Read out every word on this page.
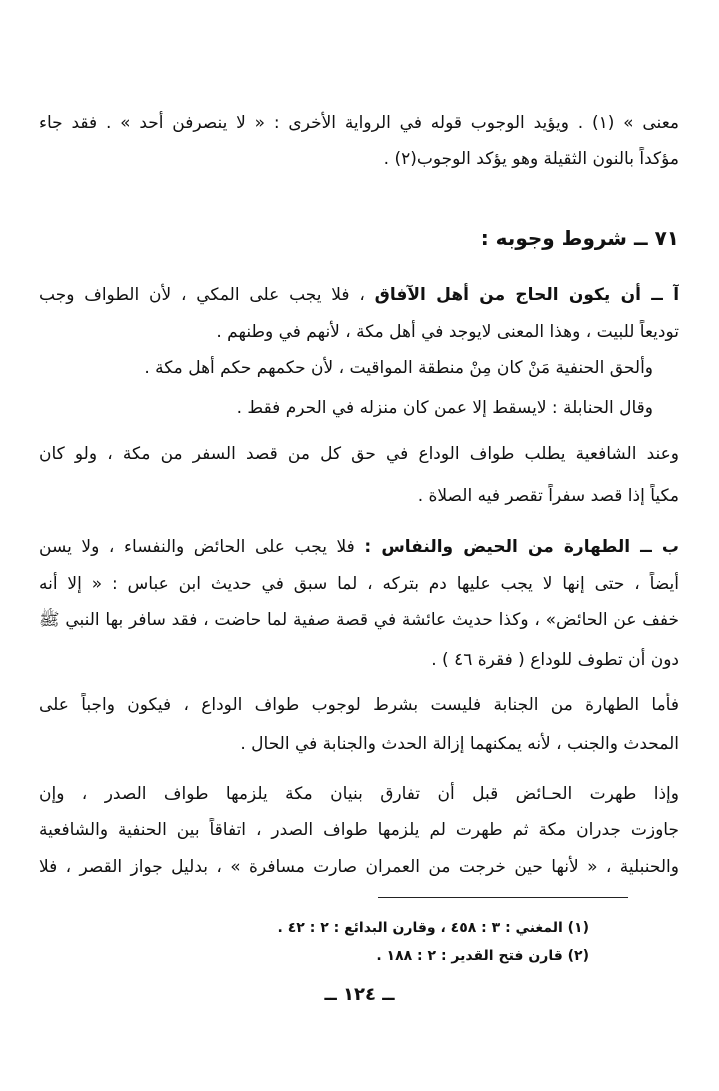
معنى » (١) . ويؤيد الوجوب قوله في الرواية الأخرى : « لا ينصرفن أحد » . فقد جاء
مؤكداً بالنون الثقيلة وهو يؤكد الوجوب(٢) .
٧١ ــ شروط وجوبه :
آ ــ أن يكون الحاج من أهل الآفاق ، فلا يجب على المكي ، لأن الطواف وجب
توديعاً للبيت ، وهذا المعنى لايوجد في أهل مكة ، لأنهم في وطنهم .
وألحق الحنفية مَنْ كان مِنْ منطقة المواقيت ، لأن حكمهم حكم أهل مكة .
وقال الحنابلة : لايسقط إلا عمن كان منزله في الحرم فقط .
وعند الشافعية يطلب طواف الوداع في حق كل من قصد السفر من مكة ، ولو كان
مكياً إذا قصد سفراً تقصر فيه الصلاة .
ب ــ الطهارة من الحيض والنفاس : فلا يجب على الحائض والنفساء ، ولا يسن
أيضاً ، حتى إنها لا يجب عليها دم بتركه ، لما سبق في حديث ابن عباس : « إلا أنه
خفف عن الحائض» ، وكذا حديث عائشة في قصة صفية لما حاضت ، فقد سافر بها النبي ﷺ
دون أن تطوف للوداع ( فقرة ٤٦ ) .
فأما الطهارة من الجنابة فليست بشرط لوجوب طواف الوداع ، فيكون واجباً على
المحدث والجنب ، لأنه يمكنهما إزالة الحدث والجنابة في الحال .
وإذا طهرت الحـائض قبل أن تفارق بنيان مكة يلزمها طواف الصدر ، وإن
جاوزت جدران مكة ثم طهرت لم يلزمها طواف الصدر ، اتفاقاً بين الحنفية والشافعية
والحنبلية ، « لأنها حين خرجت من العمران صارت مسافرة » ، بدليل جواز القصر ، فلا
(١) المغني : ٣ : ٤٥٨ ، وقارن البدائع : ٢ : ٤٢ .
(٢) قارن فتح القدير : ٢ : ١٨٨ .
ــ ١٢٤ ــ
